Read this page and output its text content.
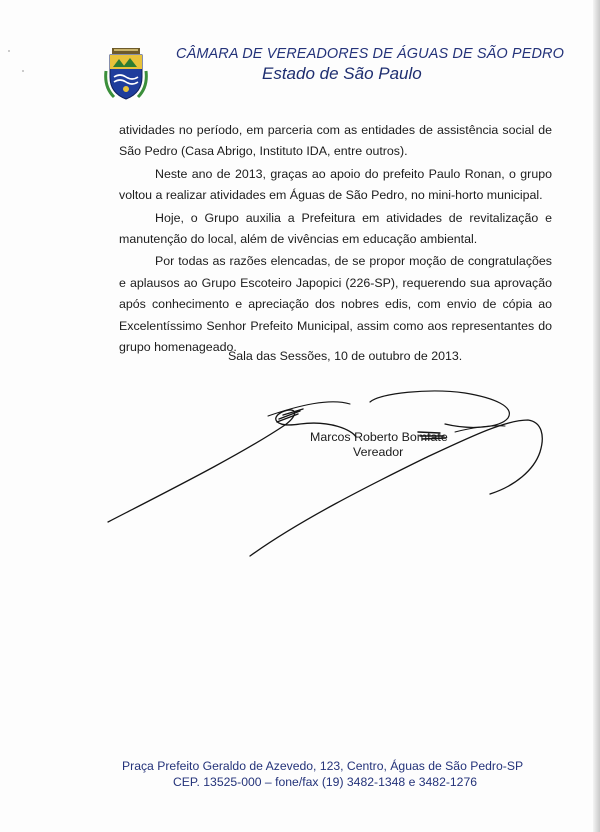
CÂMARA DE VEREADORES DE ÁGUAS DE SÃO PEDRO
Estado de São Paulo

atividades no período, em parceria com as entidades de assistência social de São Pedro (Casa Abrigo, Instituto IDA, entre outros).

Neste ano de 2013, graças ao apoio do prefeito Paulo Ronan, o grupo voltou a realizar atividades em Águas de São Pedro, no mini-horto municipal.

Hoje, o Grupo auxilia a Prefeitura em atividades de revitalização e manutenção do local, além de vivências em educação ambiental.

Por todas as razões elencadas, de se propor moção de congratulações e aplausos ao Grupo Escoteiro Japopici (226-SP), requerendo sua aprovação após conhecimento e apreciação dos nobres edis, com envio de cópia ao Excelentíssimo Senhor Prefeito Municipal, assim como aos representantes do grupo homenageado.

Sala das Sessões, 10 de outubro de 2013.
Marcos Roberto Bomfate
Vereador
Praça Prefeito Geraldo de Azevedo, 123, Centro, Águas de São Pedro-SP
CEP. 13525-000 – fone/fax (19) 3482-1348 e 3482-1276
